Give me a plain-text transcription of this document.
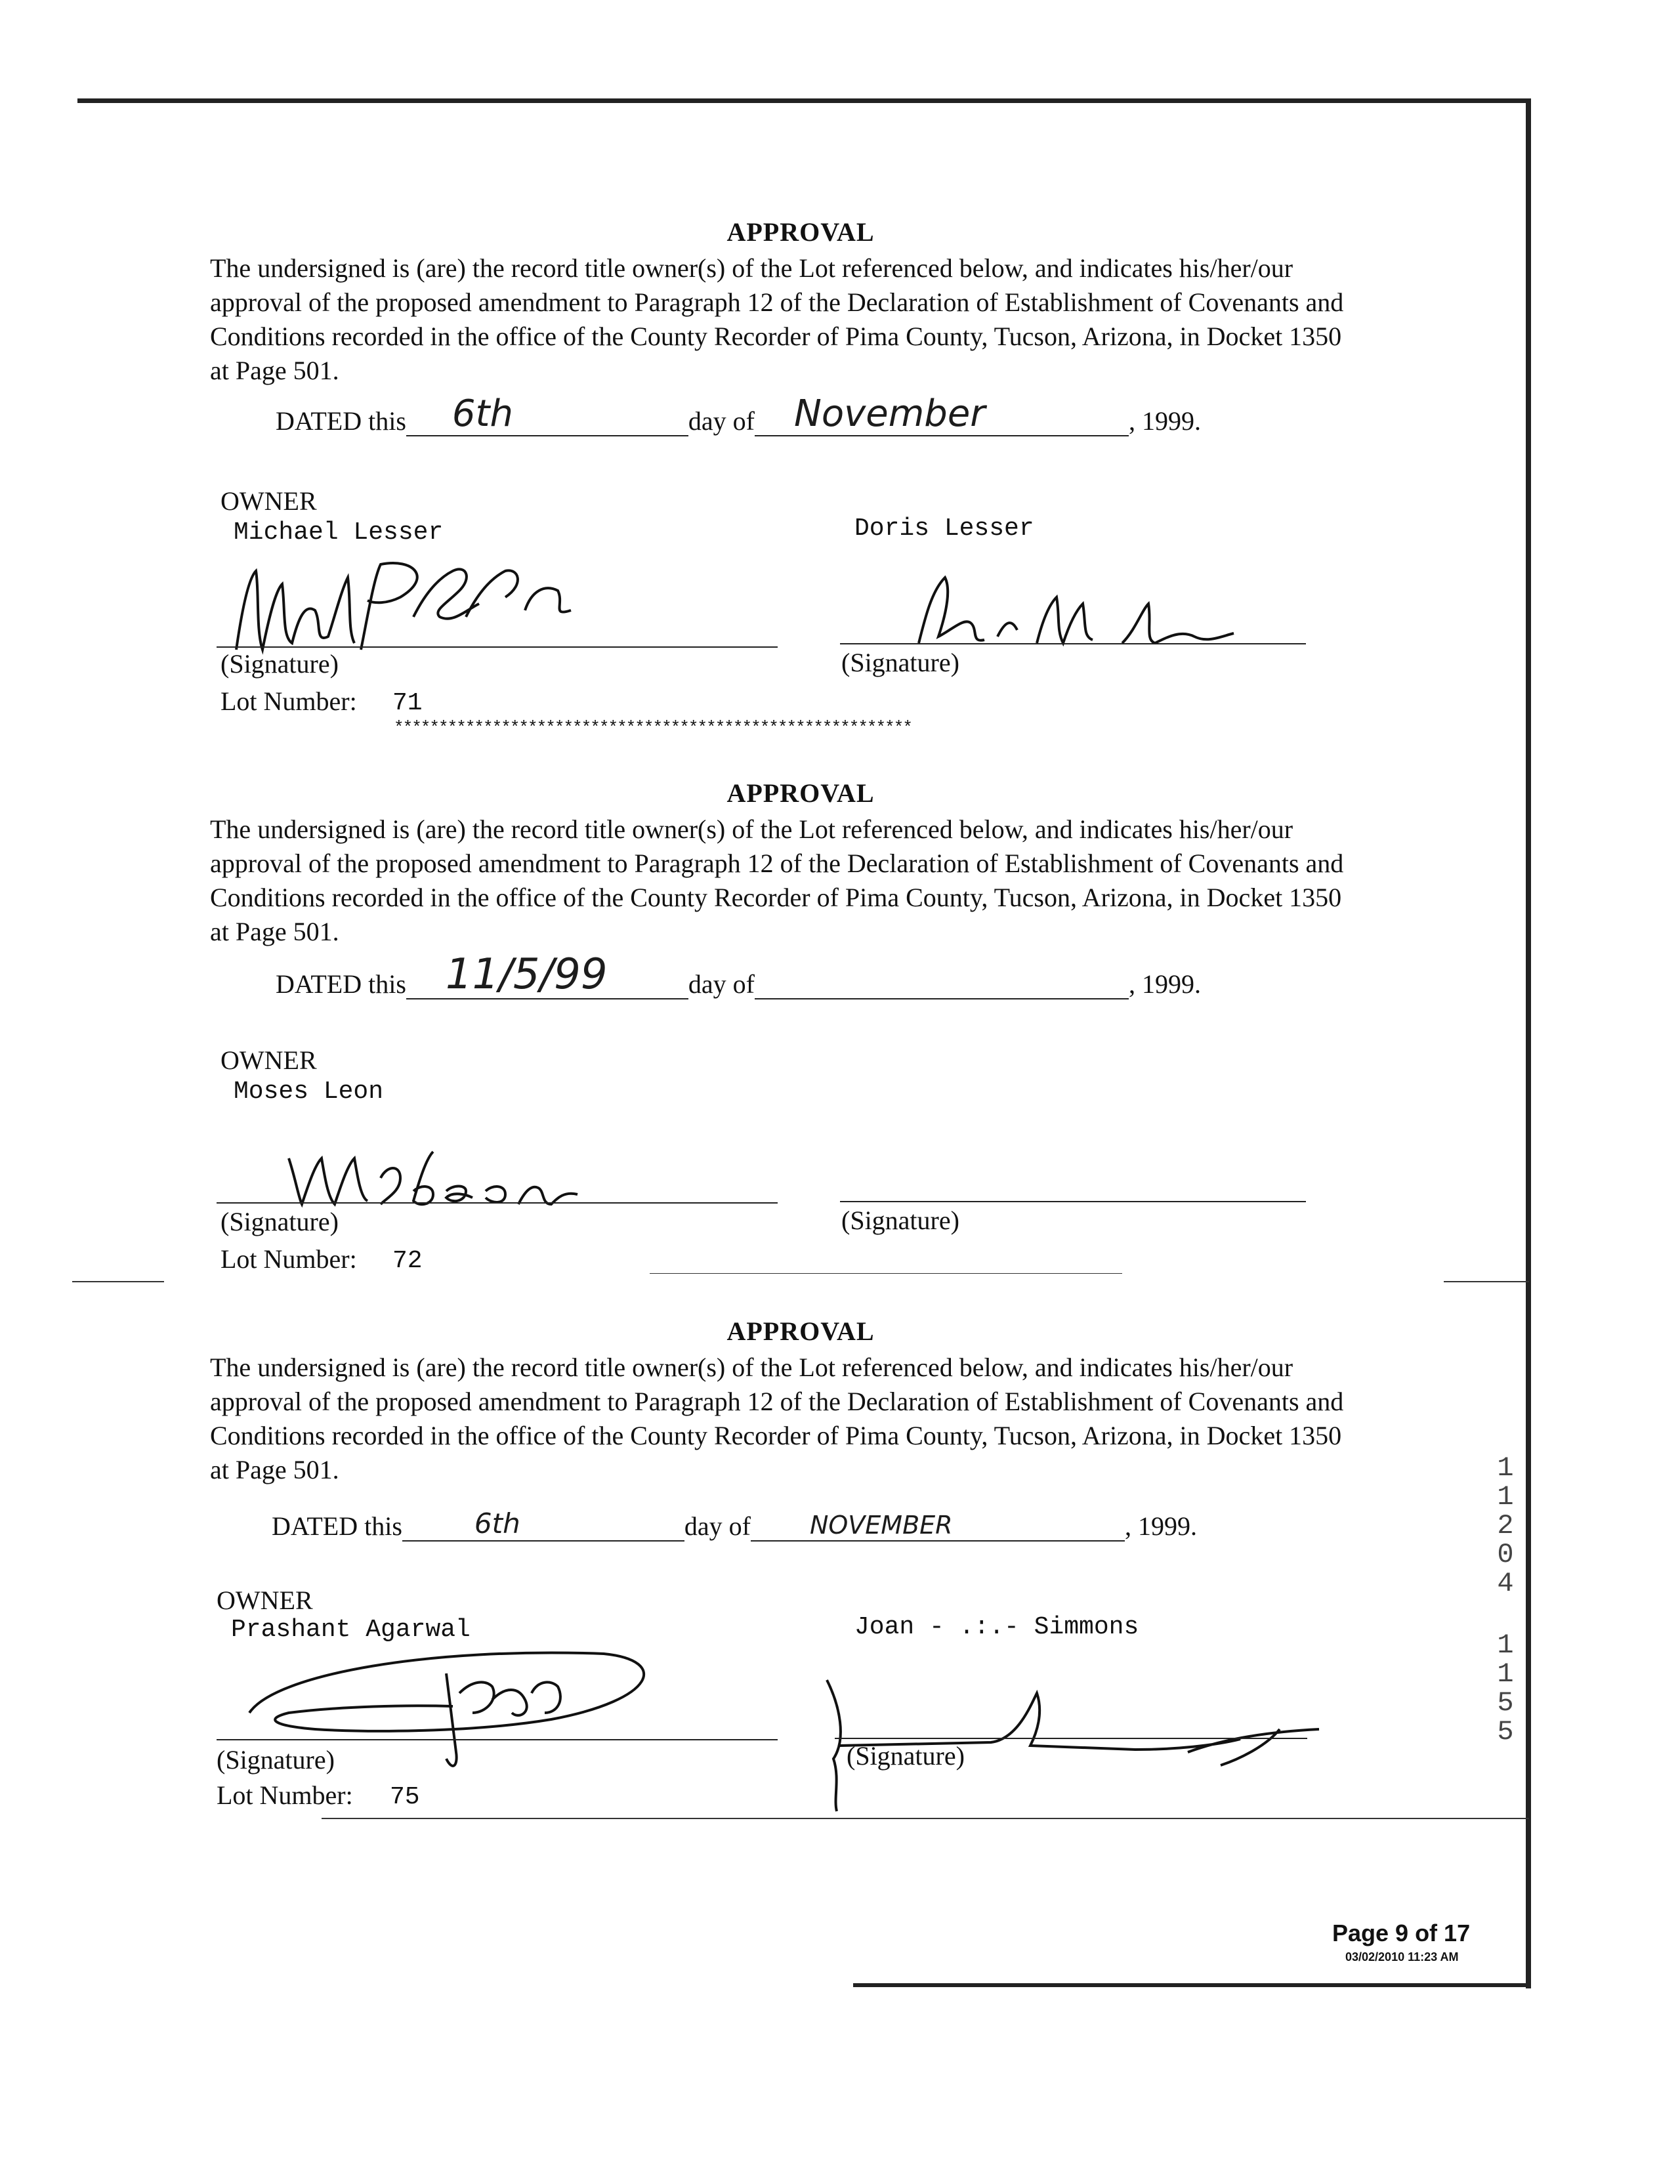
APPROVAL
The undersigned is (are) the record title owner(s) of the Lot referenced below, and indicates his/her/our approval of the proposed amendment to Paragraph 12 of the Declaration of Establishment of Covenants and Conditions recorded in the office of the County Recorder of Pima County, Tucson, Arizona, in Docket 1350 at Page 501.
DATED this 6th	day of November	, 1999.
OWNER
Michael Lesser	Doris Lesser
(Signature)	(Signature)
Lot Number: 71
**********************************************************
APPROVAL
The undersigned is (are) the record title owner(s) of the Lot referenced below, and indicates his/her/our approval of the proposed amendment to Paragraph 12 of the Declaration of Establishment of Covenants and Conditions recorded in the office of the County Recorder of Pima County, Tucson, Arizona, in Docket 1350 at Page 501.
DATED this 11/5/99	day of	, 1999.
OWNER
Moses Leon
(Signature)	(Signature)
Lot Number: 72
APPROVAL
The undersigned is (are) the record title owner(s) of the Lot referenced below, and indicates his/her/our approval of the proposed amendment to Paragraph 12 of the Declaration of Establishment of Covenants and Conditions recorded in the office of the County Recorder of Pima County, Tucson, Arizona, in Docket 1350 at Page 501.
DATED this	6th	day of NOVEMBER	, 1999.
OWNER
Prashant Agarwal	Joan - .:.- Simmons
(Signature)	(Signature)
Lot Number: 75
1
1
2
0
4
1
1
5
5
Page 9 of 17
03/02/2010 11:23 AM
